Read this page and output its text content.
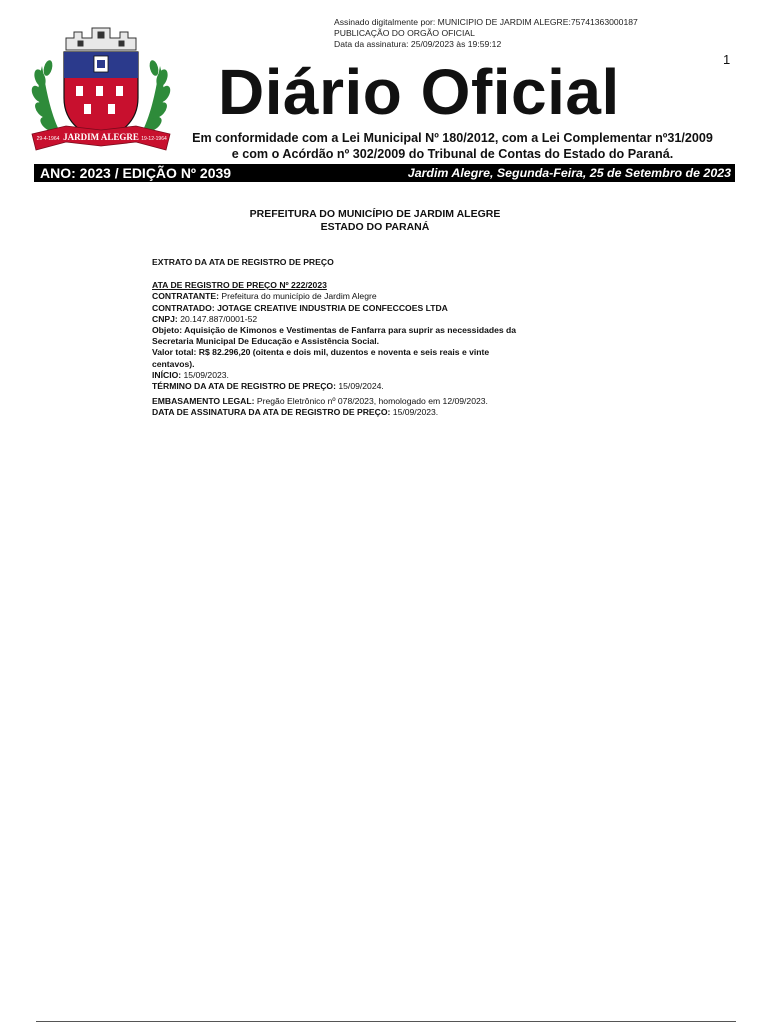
Assinado digitalmente por: MUNICIPIO DE JARDIM ALEGRE:75741363000187
PUBLICAÇÃO DO ORGÃO OFICIAL
Data da assinatura: 25/09/2023 às 19:59:12
1
JARDIM ALEGRE
29-4-1964	19-12-1964
Diário Oficial
Em conformidade com a Lei Municipal Nº 180/2012, com a Lei Complementar nº31/2009
e com o Acórdão nº 302/2009 do Tribunal de Contas do Estado do Paraná.
ANO: 2023 / EDIÇÃO Nº 2039	Jardim Alegre, Segunda-Feira, 25 de Setembro de 2023
PREFEITURA DO MUNICÍPIO DE JARDIM ALEGRE
ESTADO DO PARANÁ
EXTRATO DA ATA DE REGISTRO DE PREÇO
ATA DE REGISTRO DE PREÇO Nº 222/2023
CONTRATANTE: Prefeitura do município de Jardim Alegre
CONTRATADO: JOTAGE CREATIVE INDUSTRIA DE CONFECCOES LTDA
CNPJ: 20.147.887/0001-52
Objeto: Aquisição de Kimonos e Vestimentas de Fanfarra para suprir as necessidades da
Secretaria Municipal De Educação e Assistência Social.
Valor total: R$ 82.296,20 (oitenta e dois mil, duzentos e noventa e seis reais e vinte
centavos).
INÍCIO: 15/09/2023.
TÉRMINO DA ATA DE REGISTRO DE PREÇO: 15/09/2024.
EMBASAMENTO LEGAL: Pregão Eletrônico nº 078/2023, homologado em 12/09/2023.
DATA DE ASSINATURA DA ATA DE REGISTRO DE PREÇO: 15/09/2023.
